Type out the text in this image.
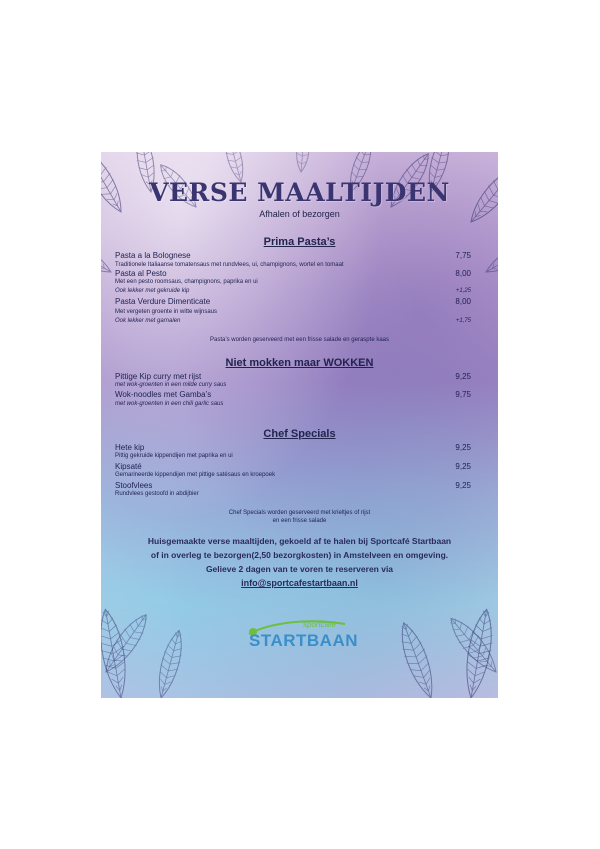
VERSE MAALTIJDEN
Afhalen of bezorgen
Prima Pasta’s
Pasta a la Bolognese	7,75
Traditionele Italiaanse tomatensaus met rundvlees, ui, champignons, wortel en tomaat
Pasta al Pesto	8,00
Met een pesto roomsaus, champignons, paprika en ui
Ook lekker met gekruide kip	+1,25
Pasta Verdure Dimenticate	8,00
Met vergeten groente in witte wijnsaus
Ook lekker met garnalen	+1,75
Pasta’s worden geserveerd met een frisse salade en geraspte kaas
Niet mokken maar WOKKEN
Pittige Kip curry met rijst	9,25
met wok-groenten in een milde curry saus
Wok-noodles met Gamba’s	9,75
met wok-groenten in een chili garlic saus
Chef Specials
Hete kip	9,25
Pittig gekruide kippendijen met paprika en ui
Kipsaté	9,25
Gemarineerde kippendijen met pittige satésaus en kroepoek
Stoofvlees	9,25
Rundvlees gestoofd in abdijbier
Chef Specials worden geserveerd met krieltjes of rijst
en een frisse salade
Huisgemaakte verse maaltijden, gekoeld af te halen bij Sportcafé Startbaan
of in overleg te bezorgen(2,50 bezorgkosten) in Amstelveen en omgeving.
Gelieve 2 dagen van te voren te reserveren via
info@sportcafestartbaan.nl
sportcafé
STARTBAAN
